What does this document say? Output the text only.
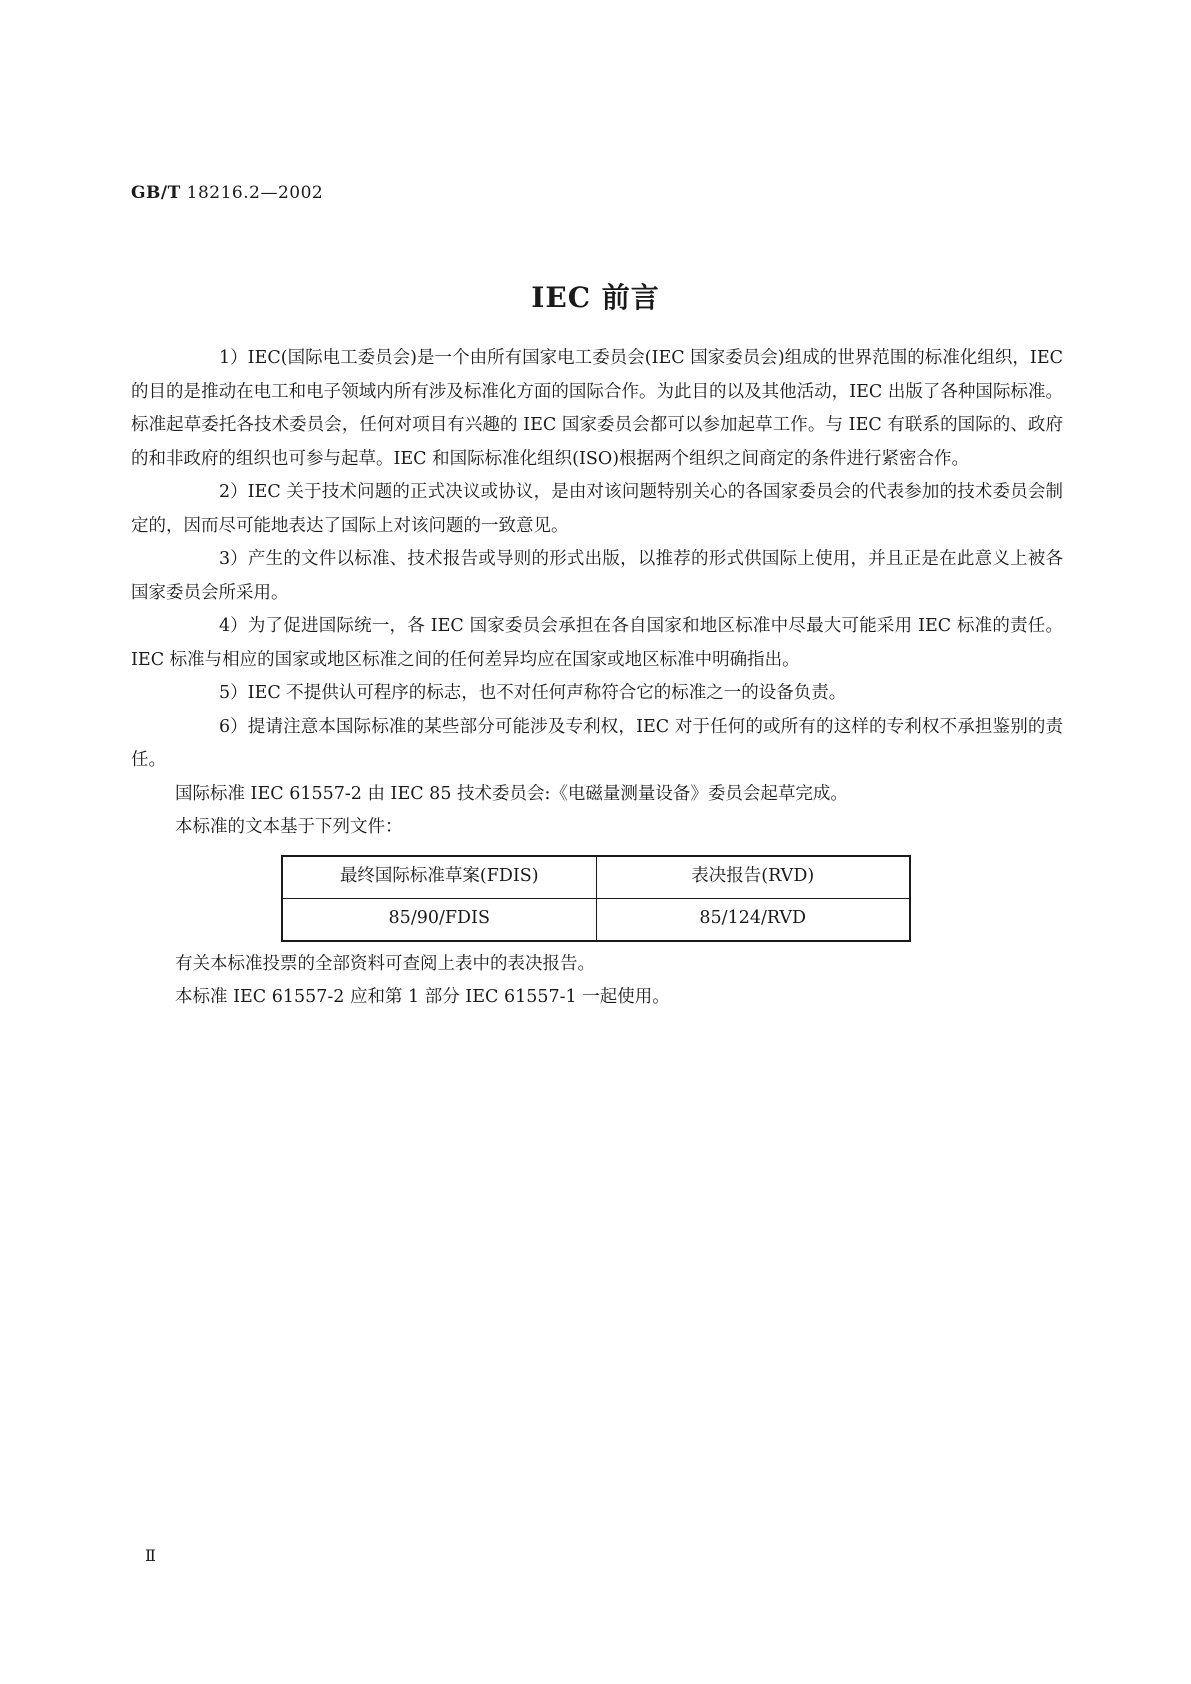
GB/T 18216.2—2002
IEC 前言

1）IEC(国际电工委员会)是一个由所有国家电工委员会(IEC 国家委员会)组成的世界范围的标准化组织，IEC 的目的是推动在电工和电子领域内所有涉及标准化方面的国际合作。为此目的以及其他活动，IEC 出版了各种国际标准。标准起草委托各技术委员会，任何对项目有兴趣的 IEC 国家委员会都可以参加起草工作。与 IEC 有联系的国际的、政府的和非政府的组织也可参与起草。IEC 和国际标准化组织(ISO)根据两个组织之间商定的条件进行紧密合作。

2）IEC 关于技术问题的正式决议或协议，是由对该问题特别关心的各国家委员会的代表参加的技术委员会制定的，因而尽可能地表达了国际上对该问题的一致意见。

3）产生的文件以标准、技术报告或导则的形式出版，以推荐的形式供国际上使用，并且正是在此意义上被各国家委员会所采用。

4）为了促进国际统一，各 IEC 国家委员会承担在各自国家和地区标准中尽最大可能采用 IEC 标准的责任。IEC 标准与相应的国家或地区标准之间的任何差异均应在国家或地区标准中明确指出。

5）IEC 不提供认可程序的标志，也不对任何声称符合它的标准之一的设备负责。

6）提请注意本国际标准的某些部分可能涉及专利权，IEC 对于任何的或所有的这样的专利权不承担鉴别的责任。

国际标准 IEC 61557-2 由 IEC 85 技术委员会:《电磁量测量设备》委员会起草完成。

本标准的文本基于下列文件：

最终国际标准草案(FDIS)	表决报告(RVD)
85/90/FDIS	85/124/RVD

有关本标准投票的全部资料可查阅上表中的表决报告。

本标准 IEC 61557-2 应和第 1 部分 IEC 61557-1 一起使用。

Ⅱ
